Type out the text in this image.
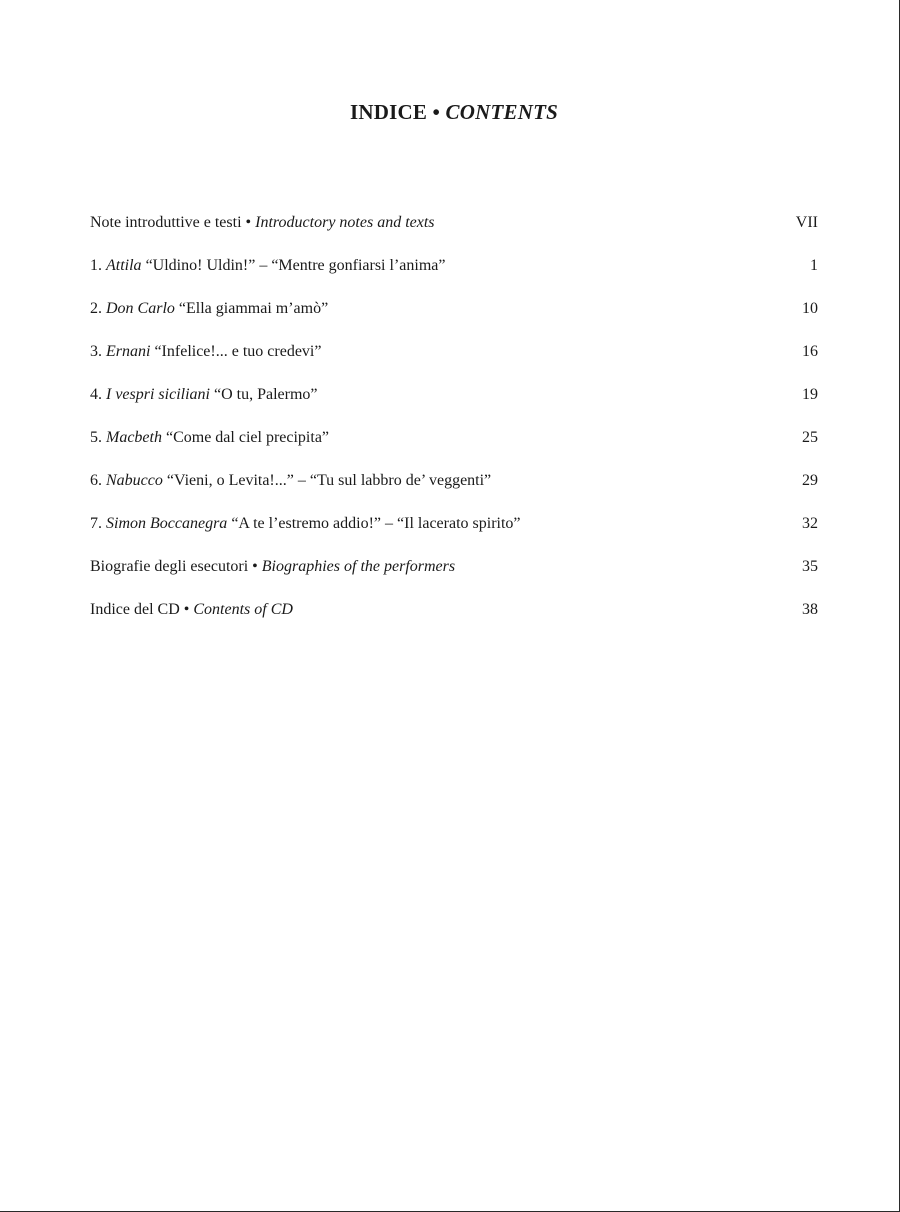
INDICE • CONTENTS
Note introduttive e testi • Introductory notes and texts	VII
1. Attila “Uldino! Uldin!” – “Mentre gonfiarsi l’anima”	1
2. Don Carlo “Ella giammai m’amò”	10
3. Ernani “Infelice!... e tuo credevi”	16
4. I vespri siciliani “O tu, Palermo”	19
5. Macbeth “Come dal ciel precipita”	25
6. Nabucco “Vieni, o Levita!...” – “Tu sul labbro de’ veggenti”	29
7. Simon Boccanegra “A te l’estremo addio!” – “Il lacerato spirito”	32
Biografie degli esecutori • Biographies of the performers	35
Indice del CD • Contents of CD	38
